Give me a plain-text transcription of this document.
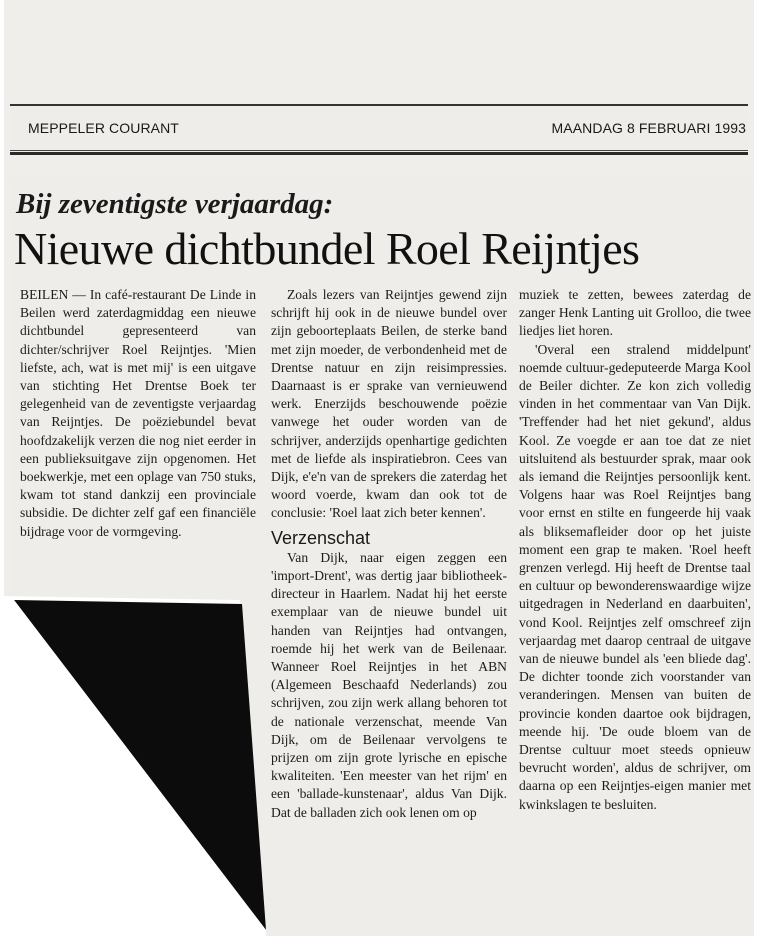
MEPPELER COURANT	MAANDAG 8 FEBRUARI 1993
Bij zeventigste verjaardag:
Nieuwe dichtbundel Roel Reijntjes

BEILEN — In café-restaurant De Linde in Beilen werd zaterdagmiddag een nieuwe dichtbundel gepresenteerd van dichter/schrijver Roel Reijntjes. 'Mien liefste, ach, wat is met mij' is een uitgave van stichting Het Drentse Boek ter gelegenheid van de zeventigste verjaardag van Reijntjes. De poëziebundel bevat hoofdzakelijk verzen die nog niet eerder in een publieksuitgave zijn opgenomen. Het boekwerkje, met een oplage van 750 stuks, kwam tot stand dankzij een provinciale subsidie. De dichter zelf gaf een financiële bijdrage voor de vormgeving.

Zoals lezers van Reijntjes gewend zijn schrijft hij ook in de nieuwe bundel over zijn geboorteplaats Beilen, de sterke band met zijn moeder, de verbondenheid met de Drentse natuur en zijn reisimpressies. Daarnaast is er sprake van vernieuwend werk. Enerzijds beschouwende poëzie vanwege het ouder worden van de schrijver, anderzijds openhartige gedichten met de liefde als inspiratiebron. Cees van Dijk, e'e'n van de sprekers die zaterdag het woord voerde, kwam dan ook tot de conclusie: 'Roel laat zich beter kennen'.

Verzenschat

Van Dijk, naar eigen zeggen een 'import-Drent', was dertig jaar bibliotheek-directeur in Haarlem. Nadat hij het eerste exemplaar van de nieuwe bundel uit handen van Reijntjes had ontvangen, roemde hij het werk van de Beilenaar. Wanneer Roel Reijntjes in het ABN (Algemeen Beschaafd Nederlands) zou schrijven, zou zijn werk allang behoren tot de nationale verzenschat, meende Van Dijk, om de Beilenaar vervolgens te prijzen om zijn grote lyrische en epische kwaliteiten. 'Een meester van het rijm' en een 'ballade-kunstenaar', aldus Van Dijk. Dat de balladen zich ook lenen om op

muziek te zetten, bewees zaterdag de zanger Henk Lanting uit Grolloo, die twee liedjes liet horen.

'Overal een stralend middelpunt' noemde cultuur-gedeputeerde Marga Kool de Beiler dichter. Ze kon zich volledig vinden in het commentaar van Van Dijk. 'Treffender had het niet gekund', aldus Kool. Ze voegde er aan toe dat ze niet uitsluitend als bestuurder sprak, maar ook als iemand die Reijntjes persoonlijk kent. Volgens haar was Roel Reijntjes bang voor ernst en stilte en fungeerde hij vaak als bliksemafleider door op het juiste moment een grap te maken. 'Roel heeft grenzen verlegd. Hij heeft de Drentse taal en cultuur op bewonderenswaardige wijze uitgedragen in Nederland en daarbuiten', vond Kool. Reijntjes zelf omschreef zijn verjaardag met daarop centraal de uitgave van de nieuwe bundel als 'een bliede dag'. De dichter toonde zich voorstander van veranderingen. Mensen van buiten de provincie konden daartoe ook bijdragen, meende hij. 'De oude bloem van de Drentse cultuur moet steeds opnieuw bevrucht worden', aldus de schrijver, om daarna op een Reijntjes-eigen manier met kwinkslagen te besluiten.
